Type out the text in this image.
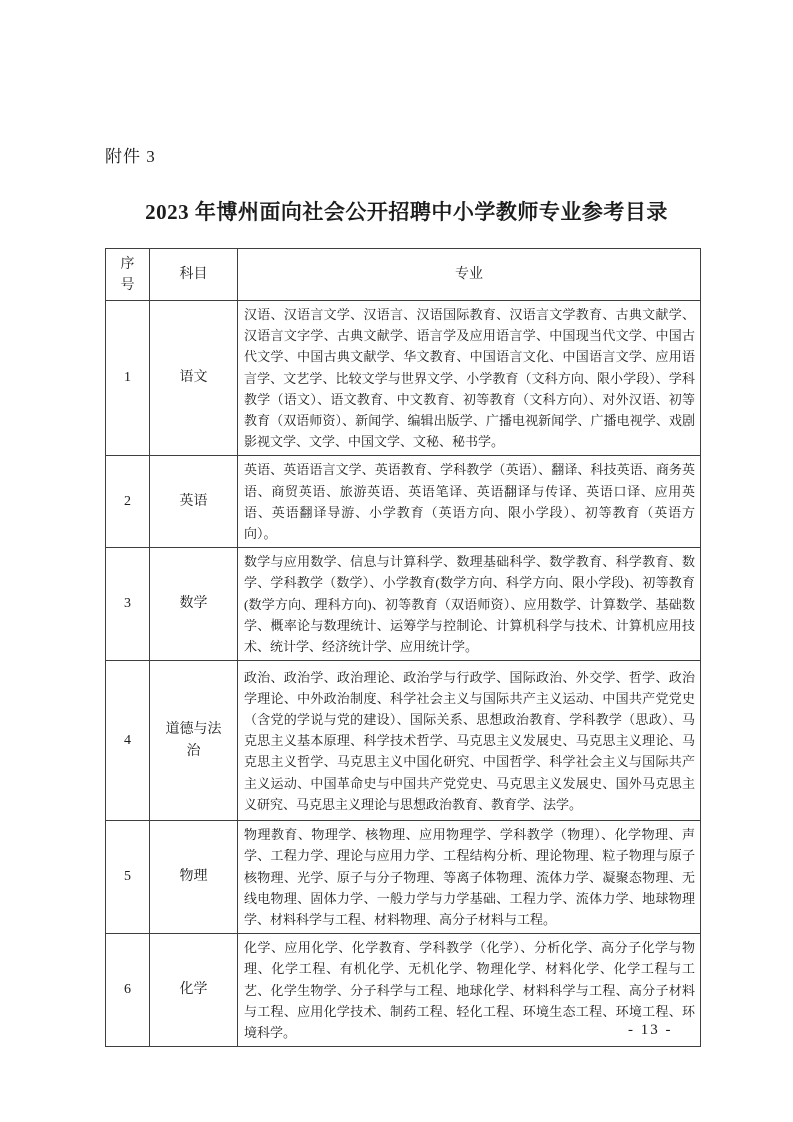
附件 3
2023 年博州面向社会公开招聘中小学教师专业参考目录
序号	科目	专业
1	语文	汉语、汉语言文学、汉语言、汉语国际教育、汉语言文学教育、古典文献学、汉语言文字学、古典文献学、语言学及应用语言学、中国现当代文学、中国古代文学、中国古典文献学、华文教育、中国语言文化、中国语言文学、应用语言学、文艺学、比较文学与世界文学、小学教育（文科方向、限小学段）、学科教学（语文）、语文教育、中文教育、初等教育（文科方向）、对外汉语、初等教育（双语师资）、新闻学、编辑出版学、广播电视新闻学、广播电视学、戏剧影视文学、文学、中国文学、文秘、秘书学。
2	英语	英语、英语语言文学、英语教育、学科教学（英语）、翻译、科技英语、商务英语、商贸英语、旅游英语、英语笔译、英语翻译与传译、英语口译、应用英语、英语翻译导游、小学教育（英语方向、限小学段）、初等教育（英语方向）。
3	数学	数学与应用数学、信息与计算科学、数理基础科学、数学教育、科学教育、数学、学科教学（数学）、小学教育(数学方向、科学方向、限小学段)、初等教育(数学方向、理科方向)、初等教育（双语师资）、应用数学、计算数学、基础数学、概率论与数理统计、运筹学与控制论、计算机科学与技术、计算机应用技术、统计学、经济统计学、应用统计学。
4	道德与法治	政治、政治学、政治理论、政治学与行政学、国际政治、外交学、哲学、政治学理论、中外政治制度、科学社会主义与国际共产主义运动、中国共产党党史（含党的学说与党的建设）、国际关系、思想政治教育、学科教学（思政）、马克思主义基本原理、科学技术哲学、马克思主义发展史、马克思主义理论、马克思主义哲学、马克思主义中国化研究、中国哲学、科学社会主义与国际共产主义运动、中国革命史与中国共产党党史、马克思主义发展史、国外马克思主义研究、马克思主义理论与思想政治教育、教育学、法学。
5	物理	物理教育、物理学、核物理、应用物理学、学科教学（物理）、化学物理、声学、工程力学、理论与应用力学、工程结构分析、理论物理、粒子物理与原子核物理、光学、原子与分子物理、等离子体物理、流体力学、凝聚态物理、无线电物理、固体力学、一般力学与力学基础、工程力学、流体力学、地球物理学、材料科学与工程、材料物理、高分子材料与工程。
6	化学	化学、应用化学、化学教育、学科教学（化学）、分析化学、高分子化学与物理、化学工程、有机化学、无机化学、物理化学、材料化学、化学工程与工艺、化学生物学、分子科学与工程、地球化学、材料科学与工程、高分子材料与工程、应用化学技术、制药工程、轻化工程、环境生态工程、环境工程、环境科学。	- 13 -
